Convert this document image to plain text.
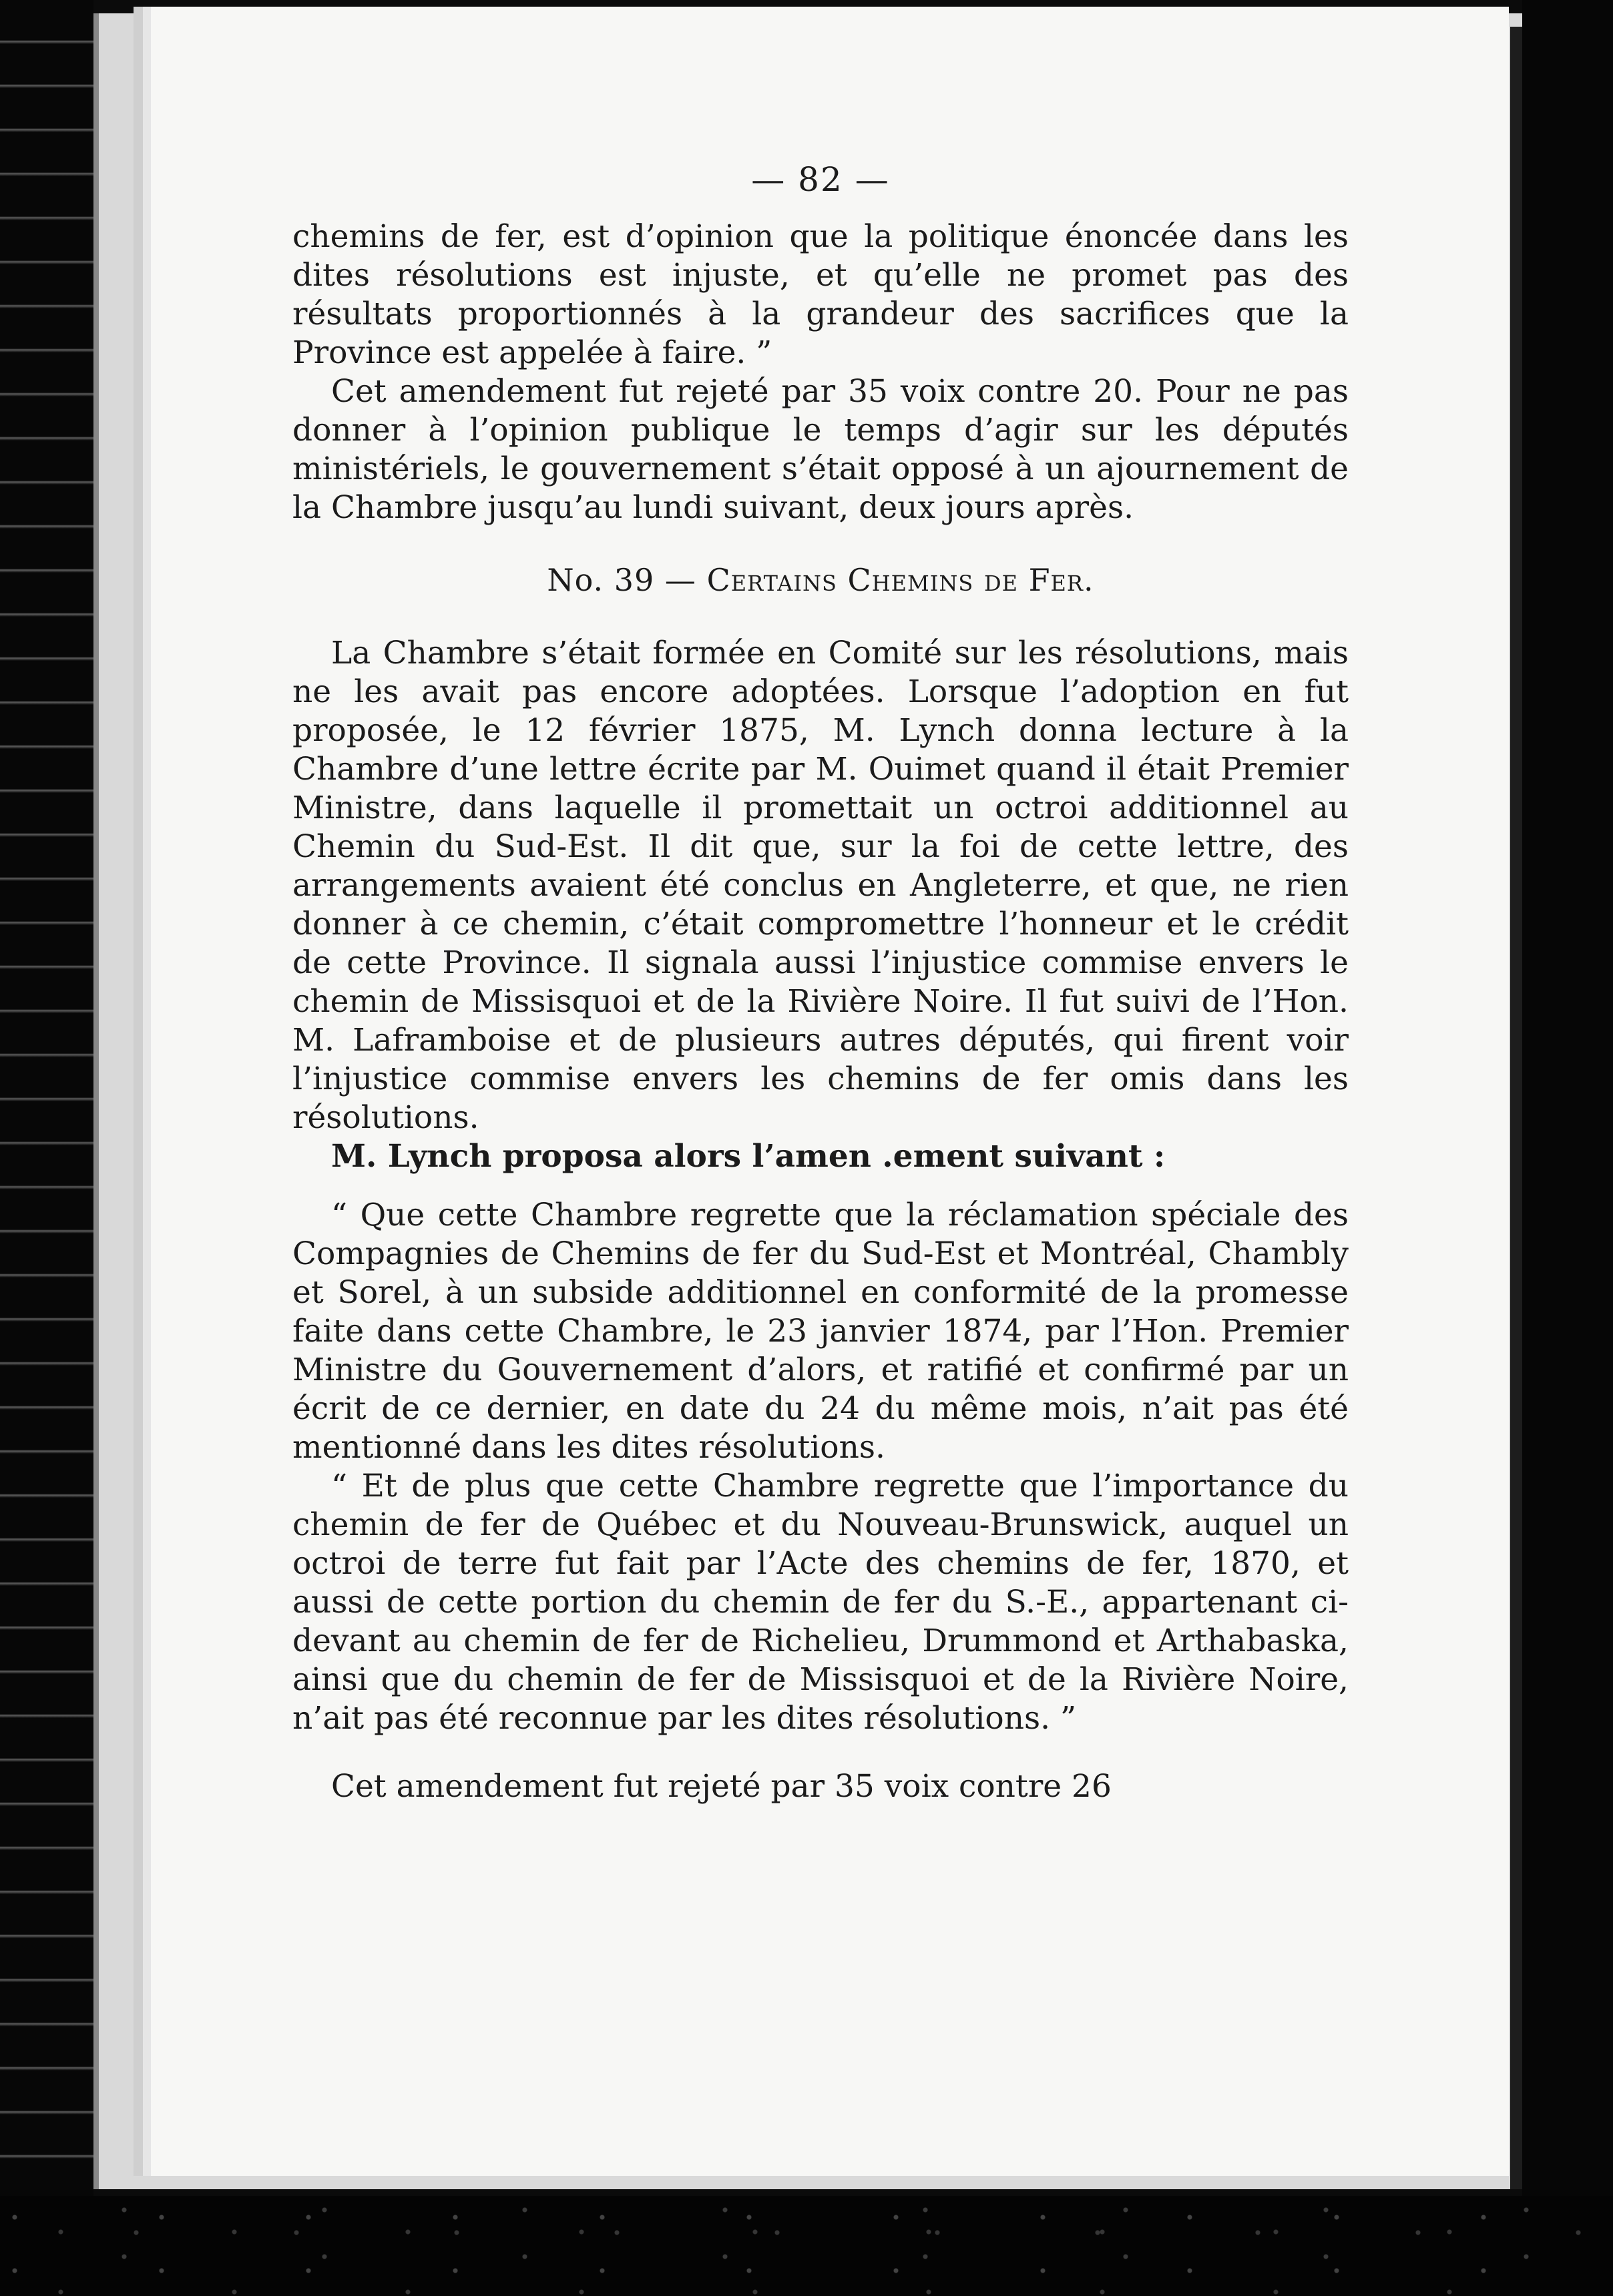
— 82 —

chemins de fer, est d’opinion que la politique énoncée dans les dites résolutions est injuste, et qu’elle ne promet pas des résultats proportionnés à la grandeur des sacrifices que la Province est appelée à faire. ”

Cet amendement fut rejeté par 35 voix contre 20. Pour ne pas donner à l’opinion publique le temps d’agir sur les députés ministériels, le gouvernement s’était opposé à un ajournement de la Chambre jusqu’au lundi suivant, deux jours après.

No. 39 — Certains Chemins de Fer.

La Chambre s’était formée en Comité sur les résolutions, mais ne les avait pas encore adoptées. Lorsque l’adoption en fut proposée, le 12 février 1875, M. Lynch donna lecture à la Chambre d’une lettre écrite par M. Ouimet quand il était Premier Ministre, dans laquelle il promettait un octroi additionnel au Chemin du Sud-Est. Il dit que, sur la foi de cette lettre, des arrangements avaient été conclus en Angleterre, et que, ne rien donner à ce chemin, c’était compromettre l’honneur et le crédit de cette Province. Il signala aussi l’injustice commise envers le chemin de Missisquoi et de la Rivière Noire. Il fut suivi de l’Hon. M. Laframboise et de plusieurs autres députés, qui firent voir l’injustice commise envers les chemins de fer omis dans les résolutions.

M. Lynch proposa alors l’amen .ement suivant :

“ Que cette Chambre regrette que la réclamation spéciale des Compagnies de Chemins de fer du Sud-Est et Montréal, Chambly et Sorel, à un subside additionnel en conformité de la promesse faite dans cette Chambre, le 23 janvier 1874, par l’Hon. Premier Ministre du Gouvernement d’alors, et ratifié et confirmé par un écrit de ce dernier, en date du 24 du même mois, n’ait pas été mentionné dans les dites résolutions.

“ Et de plus que cette Chambre regrette que l’importance du chemin de fer de Québec et du Nouveau-Brunswick, auquel un octroi de terre fut fait par l’Acte des chemins de fer, 1870, et aussi de cette portion du chemin de fer du S.-E., appartenant ci-devant au chemin de fer de Richelieu, Drummond et Arthabaska, ainsi que du chemin de fer de Missisquoi et de la Rivière Noire, n’ait pas été reconnue par les dites résolutions. ”

Cet amendement fut rejeté par 35 voix contre 26
